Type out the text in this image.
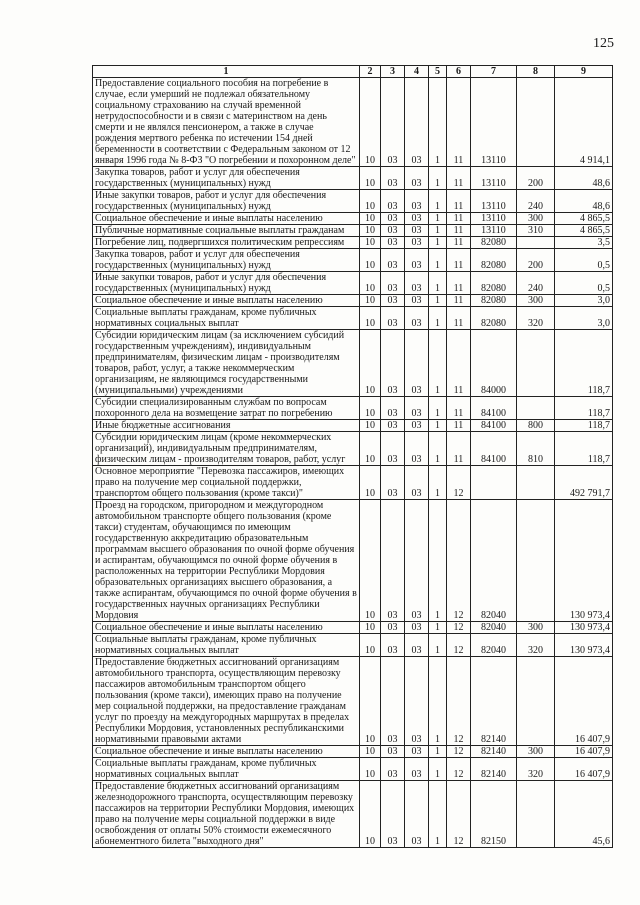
125
1	2	3	4	5	6	7	8	9
Предоставление социального пособия на погребение в случае, если умерший не подлежал обязательному социальному страхованию на случай временной нетрудоспособности и в связи с материнством на день смерти и не являлся пенсионером, а также в случае рождения мертвого ребенка по истечении 154 дней беременности в соответствии с Федеральным законом от 12 января 1996 года № 8-ФЗ "О погребении и похоронном деле"	10	03	03	1	11	13110		4 914,1
Закупка товаров, работ и услуг для обеспечения государственных (муниципальных) нужд	10	03	03	1	11	13110	200	48,6
Иные закупки товаров, работ и услуг для обеспечения государственных (муниципальных) нужд	10	03	03	1	11	13110	240	48,6
Социальное обеспечение и иные выплаты населению	10	03	03	1	11	13110	300	4 865,5
Публичные нормативные социальные выплаты гражданам	10	03	03	1	11	13110	310	4 865,5
Погребение лиц, подвергшихся политическим репрессиям	10	03	03	1	11	82080		3,5
Закупка товаров, работ и услуг для обеспечения государственных (муниципальных) нужд	10	03	03	1	11	82080	200	0,5
Иные закупки товаров, работ и услуг для обеспечения государственных (муниципальных) нужд	10	03	03	1	11	82080	240	0,5
Социальное обеспечение и иные выплаты населению	10	03	03	1	11	82080	300	3,0
Социальные выплаты гражданам, кроме публичных нормативных социальных выплат	10	03	03	1	11	82080	320	3,0
Субсидии юридическим лицам (за исключением субсидий государственным учреждениям), индивидуальным предпринимателям, физическим лицам - производителям товаров, работ, услуг, а также некоммерческим организациям, не являющимся государственными (муниципальными) учреждениями	10	03	03	1	11	84000		118,7
Субсидии специализированным службам по вопросам похоронного дела на возмещение затрат по погребению	10	03	03	1	11	84100		118,7
Иные бюджетные ассигнования	10	03	03	1	11	84100	800	118,7
Субсидии юридическим лицам (кроме некоммерческих организаций), индивидуальным предпринимателям, физическим лицам - производителям товаров, работ, услуг	10	03	03	1	11	84100	810	118,7
Основное мероприятие "Перевозка пассажиров, имеющих право на получение мер социальной поддержки, транспортом общего пользования (кроме такси)"	10	03	03	1	12			492 791,7
Проезд на городском, пригородном и междугородном автомобильном транспорте общего пользования (кроме такси) студентам, обучающимся по имеющим государственную аккредитацию образовательным программам высшего образования по очной форме обучения и аспирантам, обучающимся по очной форме обучения в расположенных на территории Республики Мордовия образовательных организациях высшего образования, а также аспирантам, обучающимся по очной форме обучения в государственных научных организациях Республики Мордовия	10	03	03	1	12	82040		130 973,4
Социальное обеспечение и иные выплаты населению	10	03	03	1	12	82040	300	130 973,4
Социальные выплаты гражданам, кроме публичных нормативных социальных выплат	10	03	03	1	12	82040	320	130 973,4
Предоставление бюджетных ассигнований организациям автомобильного транспорта, осуществляющим перевозку пассажиров автомобильным транспортом общего пользования (кроме такси), имеющих право на получение мер социальной поддержки, на предоставление гражданам услуг по проезду на междугородных маршрутах в пределах Республики Мордовия, установленных республиканскими нормативными правовыми актами	10	03	03	1	12	82140		16 407,9
Социальное обеспечение и иные выплаты населению	10	03	03	1	12	82140	300	16 407,9
Социальные выплаты гражданам, кроме публичных нормативных социальных выплат	10	03	03	1	12	82140	320	16 407,9
Предоставление бюджетных ассигнований организациям железнодорожного транспорта, осуществляющим перевозку пассажиров на территории Республики Мордовия, имеющих право на получение меры социальной поддержки в виде освобождения от оплаты 50% стоимости ежемесячного абонементного билета "выходного дня"	10	03	03	1	12	82150		45,6
